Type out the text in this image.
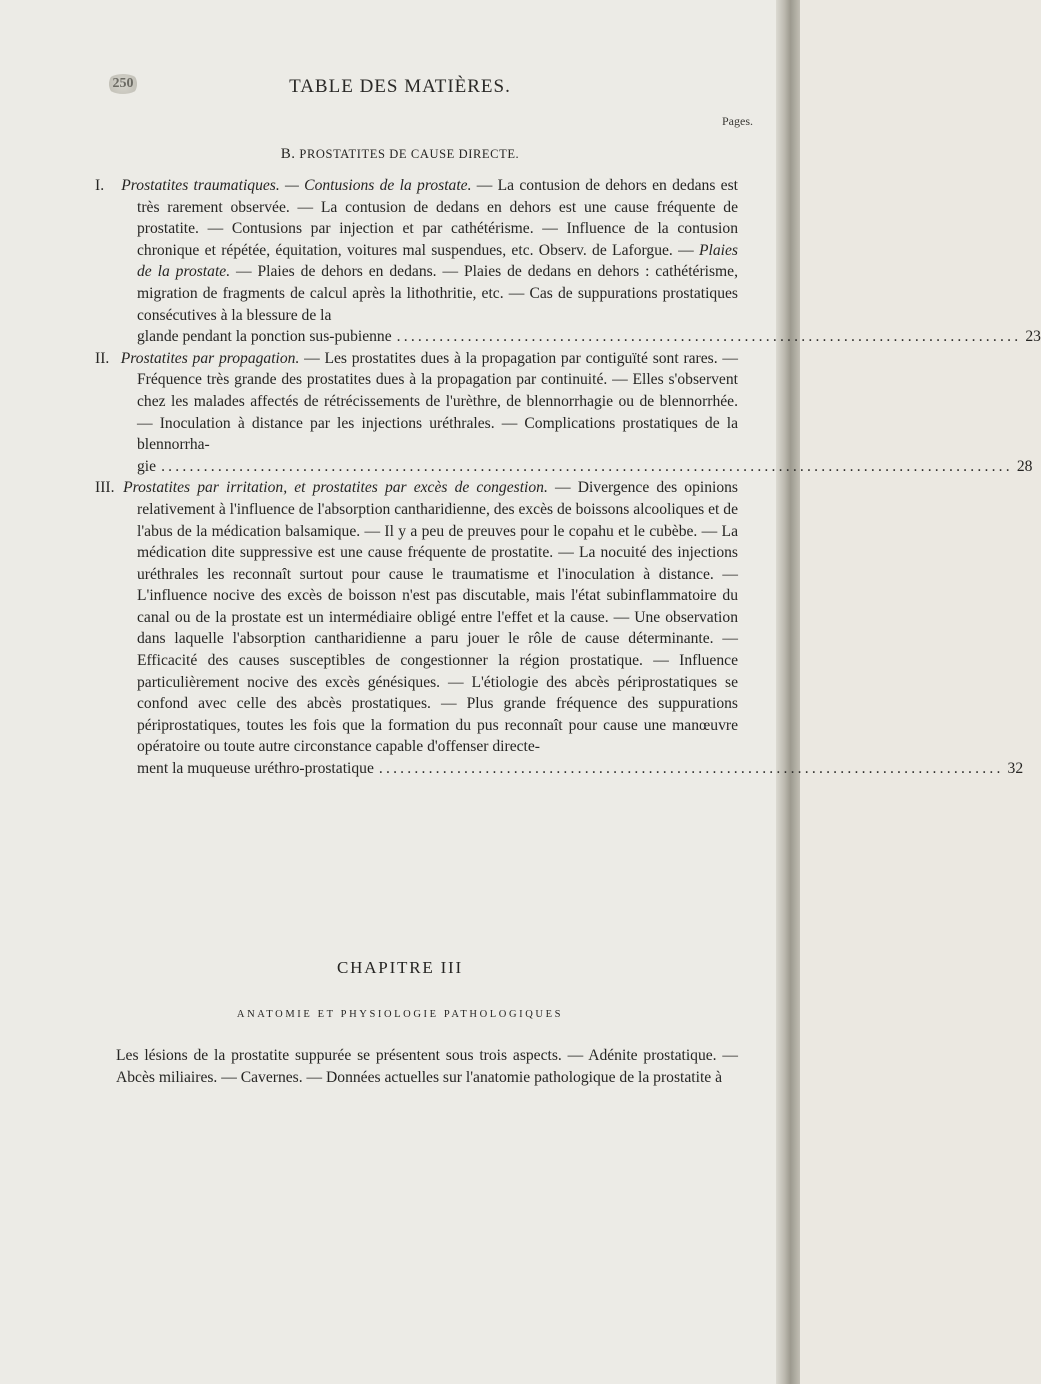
250	TABLE DES MATIÈRES.
Pages.
B. PROSTATITES DE CAUSE DIRECTE.

I. Prostatites traumatiques. — Contusions de la prostate. — La contusion de dehors en dedans est très rarement observée. — La contusion de dedans en dehors est une cause fréquente de prostatite. — Contusions par injection et par cathétérisme. — Influence de la contusion chronique et répétée, équitation, voitures mal suspendues, etc. Observ. de Laforgue. — Plaies de la prostate. — Plaies de dehors en dedans. — Plaies de dedans en dehors : cathétérisme, migration de fragments de calcul après la lithothritie, etc. — Cas de suppurations prostatiques consécutives à la blessure de la

glande pendant la ponction sus-pubienne ........................................................................................ 23

II. Prostatites par propagation. — Les prostatites dues à la propagation par contiguïté sont rares. — Fréquence très grande des prostatites dues à la propagation par continuité. — Elles s'observent chez les malades affectés de rétrécissements de l'urèthre, de blennorrhagie ou de blennorrhée. — Inoculation à distance par les injections uréthrales. — Complications prostatiques de la blennorrha-

gie ........................................................................................................................ 28

III. Prostatites par irritation, et prostatites par excès de congestion. — Divergence des opinions relativement à l'influence de l'absorption cantharidienne, des excès de boissons alcooliques et de l'abus de la médication balsamique. — Il y a peu de preuves pour le copahu et le cubèbe. — La médication dite suppressive est une cause fréquente de prostatite. — La nocuité des injections uréthrales les reconnaît surtout pour cause le traumatisme et l'inoculation à distance. — L'influence nocive des excès de boisson n'est pas discutable, mais l'état subinflammatoire du canal ou de la prostate est un intermédiaire obligé entre l'effet et la cause. — Une observation dans laquelle l'absorption cantharidienne a paru jouer le rôle de cause déterminante. — Efficacité des causes susceptibles de congestionner la région prostatique. — Influence particulièrement nocive des excès génésiques. — L'étiologie des abcès périprostatiques se confond avec celle des abcès prostatiques. — Plus grande fréquence des suppurations périprostatiques, toutes les fois que la formation du pus reconnaît pour cause une manœuvre opératoire ou toute autre circonstance capable d'offenser directe-

ment la muqueuse uréthro-prostatique ........................................................................................ 32
CHAPITRE III
ANATOMIE ET PHYSIOLOGIE PATHOLOGIQUES

Les lésions de la prostatite suppurée se présentent sous trois aspects. — Adénite prostatique. — Abcès miliaires. — Cavernes. — Données actuelles sur l'anatomie pathologique de la prostatite à
